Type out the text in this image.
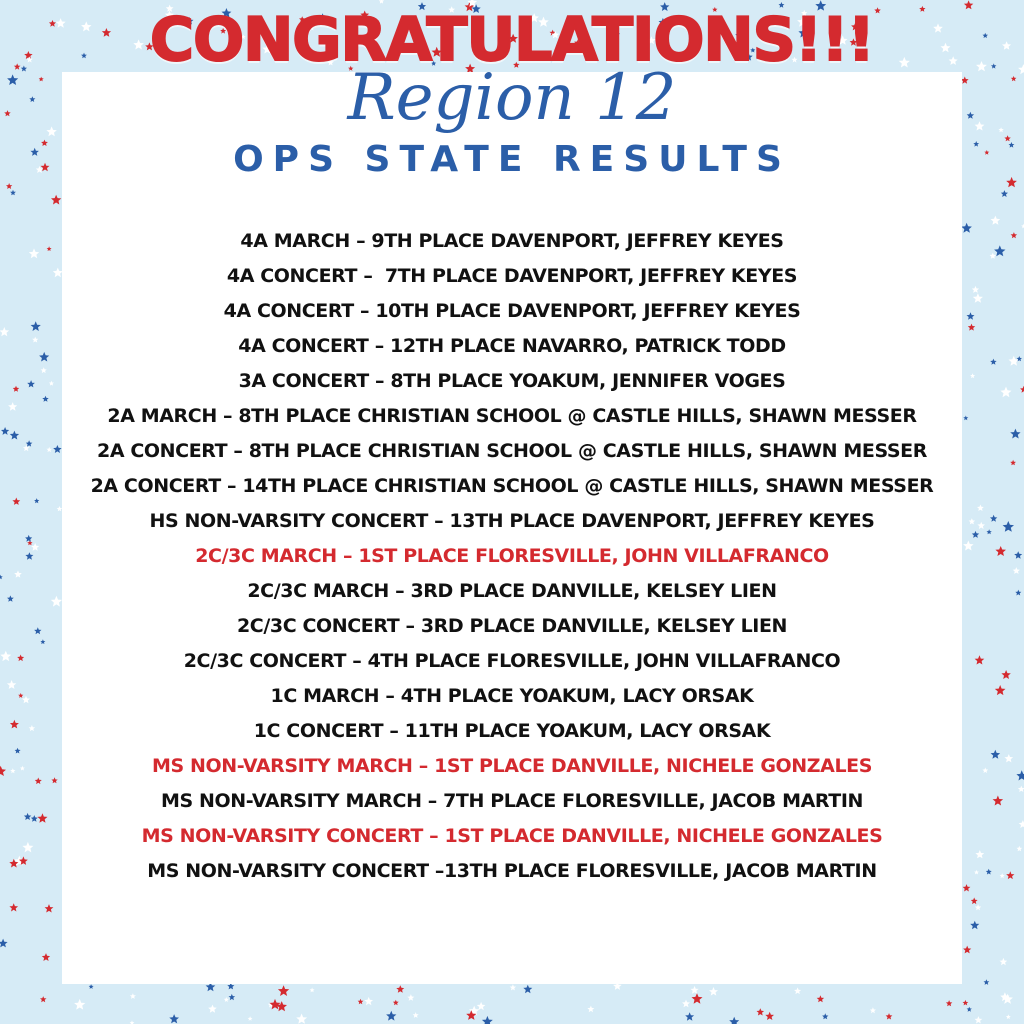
CONGRATULATIONS!!!
Region 12
OPS STATE RESULTS
4A MARCH – 9TH PLACE DAVENPORT, JEFFREY KEYES
4A CONCERT –  7TH PLACE DAVENPORT, JEFFREY KEYES
4A CONCERT – 10TH PLACE DAVENPORT, JEFFREY KEYES
4A CONCERT – 12TH PLACE NAVARRO, PATRICK TODD
3A CONCERT – 8TH PLACE YOAKUM, JENNIFER VOGES
2A MARCH – 8TH PLACE CHRISTIAN SCHOOL @ CASTLE HILLS, SHAWN MESSER
2A CONCERT – 8TH PLACE CHRISTIAN SCHOOL @ CASTLE HILLS, SHAWN MESSER
2A CONCERT – 14TH PLACE CHRISTIAN SCHOOL @ CASTLE HILLS, SHAWN MESSER
HS NON-VARSITY CONCERT – 13TH PLACE DAVENPORT, JEFFREY KEYES
2C/3C MARCH – 1ST PLACE FLORESVILLE, JOHN VILLAFRANCO
2C/3C MARCH – 3RD PLACE DANVILLE, KELSEY LIEN
2C/3C CONCERT – 3RD PLACE DANVILLE, KELSEY LIEN
2C/3C CONCERT – 4TH PLACE FLORESVILLE, JOHN VILLAFRANCO
1C MARCH – 4TH PLACE YOAKUM, LACY ORSAK
1C CONCERT – 11TH PLACE YOAKUM, LACY ORSAK
MS NON-VARSITY MARCH – 1ST PLACE DANVILLE, NICHELE GONZALES
MS NON-VARSITY MARCH – 7TH PLACE FLORESVILLE, JACOB MARTIN
MS NON-VARSITY CONCERT – 1ST PLACE DANVILLE, NICHELE GONZALES
MS NON-VARSITY CONCERT –13TH PLACE FLORESVILLE, JACOB MARTIN
